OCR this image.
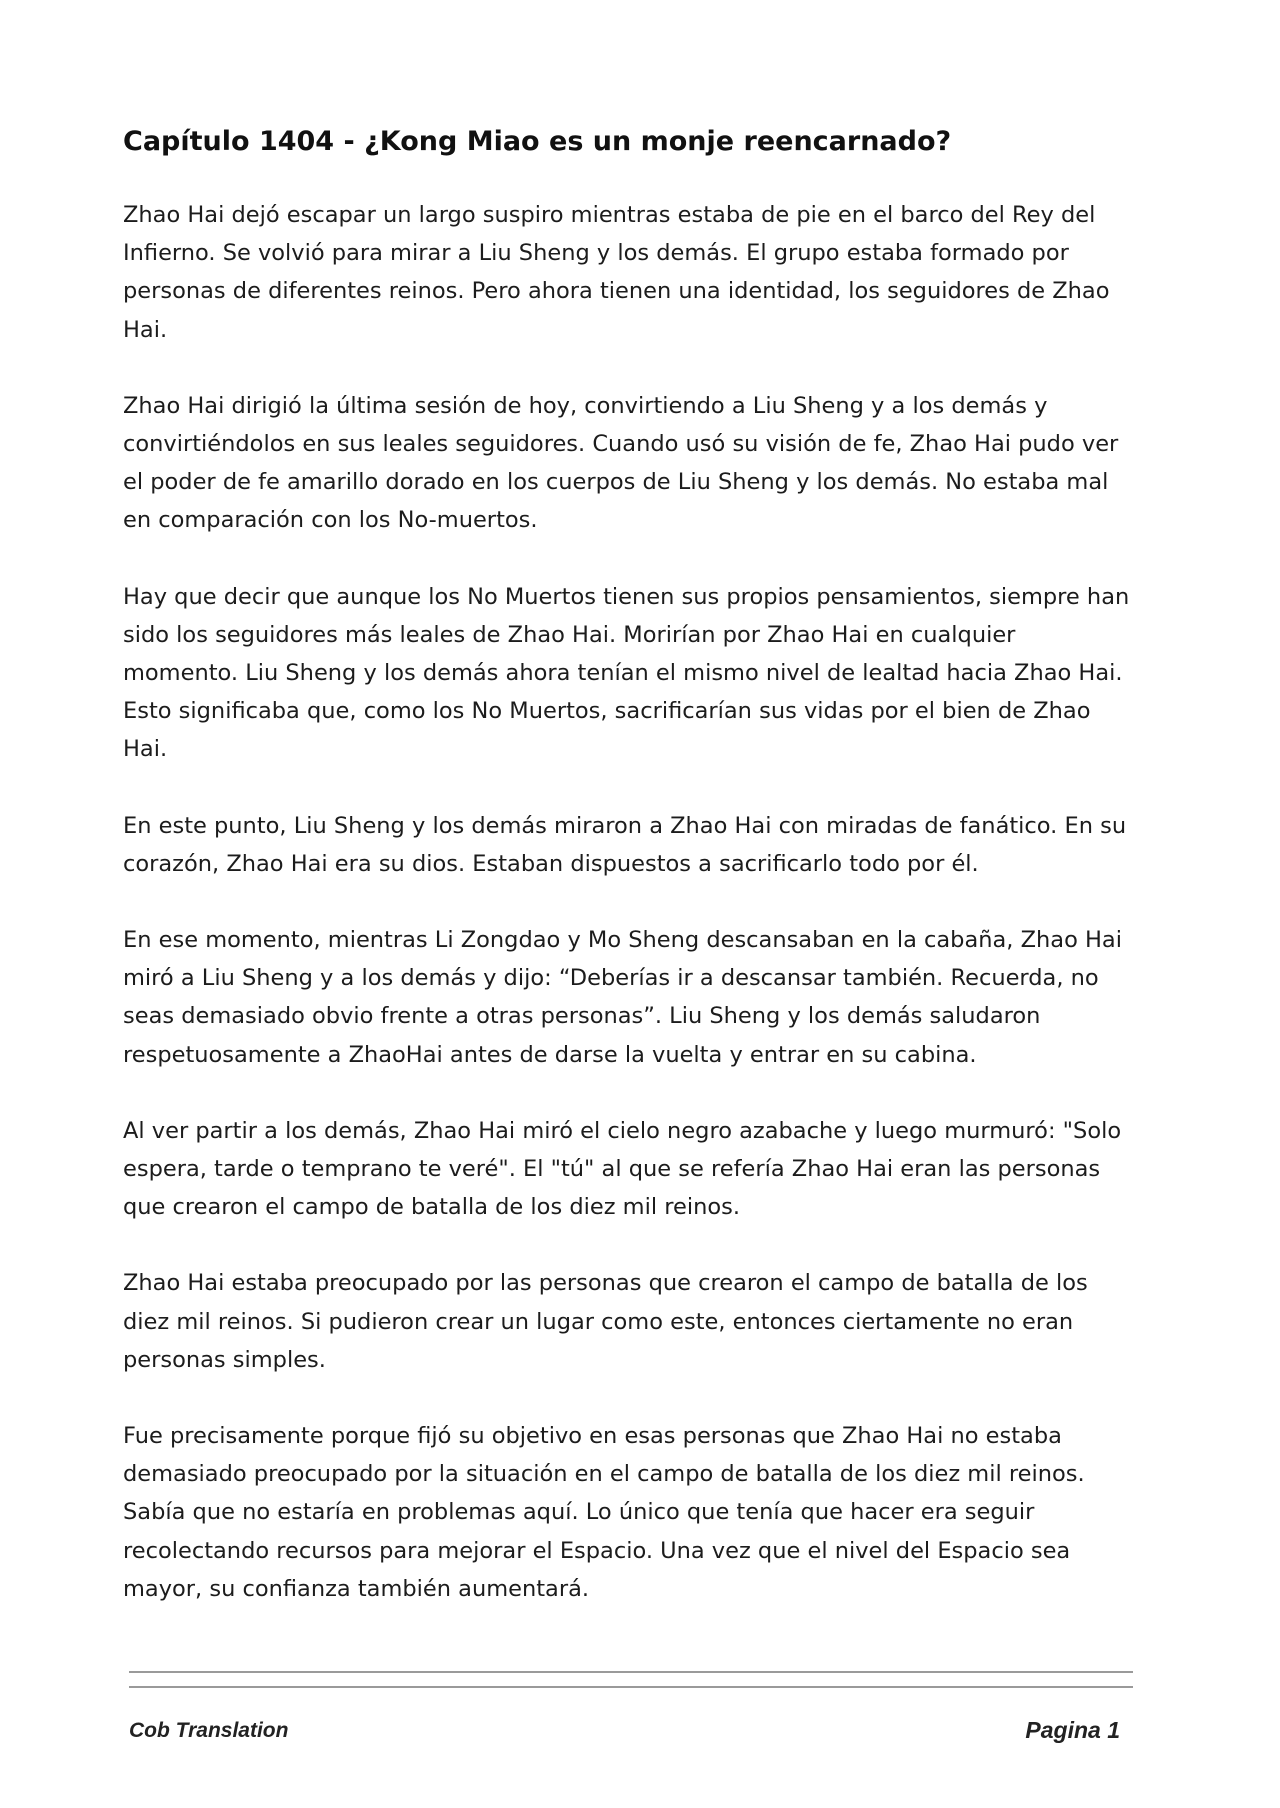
Capítulo 1404 - ¿Kong Miao es un monje reencarnado?

Zhao Hai dejó escapar un largo suspiro mientras estaba de pie en el barco del Rey del Infierno. Se volvió para mirar a Liu Sheng y los demás. El grupo estaba formado por personas de diferentes reinos. Pero ahora tienen una identidad, los seguidores de Zhao Hai.

Zhao Hai dirigió la última sesión de hoy, convirtiendo a Liu Sheng y a los demás y convirtiéndolos en sus leales seguidores. Cuando usó su visión de fe, Zhao Hai pudo ver el poder de fe amarillo dorado en los cuerpos de Liu Sheng y los demás. No estaba mal en comparación con los No-muertos.

Hay que decir que aunque los No Muertos tienen sus propios pensamientos, siempre han sido los seguidores más leales de Zhao Hai. Morirían por Zhao Hai en cualquier momento. Liu Sheng y los demás ahora tenían el mismo nivel de lealtad hacia Zhao Hai. Esto significaba que, como los No Muertos, sacrificarían sus vidas por el bien de Zhao Hai.

En este punto, Liu Sheng y los demás miraron a Zhao Hai con miradas de fanático. En su corazón, Zhao Hai era su dios. Estaban dispuestos a sacrificarlo todo por él.

En ese momento, mientras Li Zongdao y Mo Sheng descansaban en la cabaña, Zhao Hai miró a Liu Sheng y a los demás y dijo: “Deberías ir a descansar también. Recuerda, no seas demasiado obvio frente a otras personas”. Liu Sheng y los demás saludaron respetuosamente a ZhaoHai antes de darse la vuelta y entrar en su cabina.

Al ver partir a los demás, Zhao Hai miró el cielo negro azabache y luego murmuró: "Solo espera, tarde o temprano te veré". El "tú" al que se refería Zhao Hai eran las personas que crearon el campo de batalla de los diez mil reinos.

Zhao Hai estaba preocupado por las personas que crearon el campo de batalla de los diez mil reinos. Si pudieron crear un lugar como este, entonces ciertamente no eran personas simples.

Fue precisamente porque fijó su objetivo en esas personas que Zhao Hai no estaba demasiado preocupado por la situación en el campo de batalla de los diez mil reinos. Sabía que no estaría en problemas aquí. Lo único que tenía que hacer era seguir recolectando recursos para mejorar el Espacio. Una vez que el nivel del Espacio sea mayor, su confianza también aumentará.

Cob Translation	Pagina 1
